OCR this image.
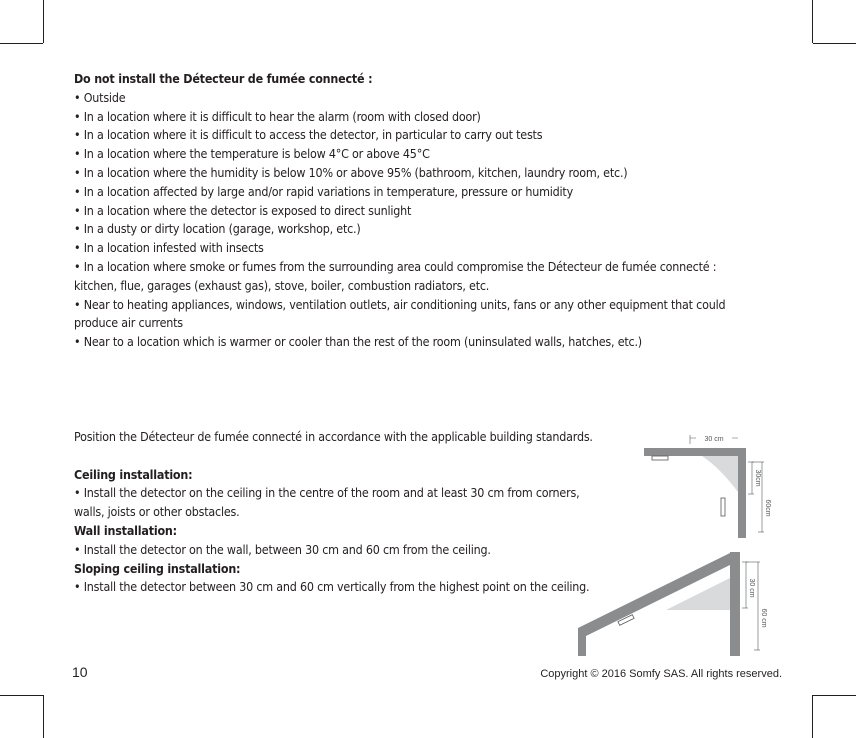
Do not install the Détecteur de fumée connecté :
• Outside
• In a location where it is difficult to hear the alarm (room with closed door)
• In a location where it is difficult to access the detector, in particular to carry out tests
• In a location where the temperature is below 4°C or above 45°C
• In a location where the humidity is below 10% or above 95% (bathroom, kitchen, laundry room, etc.)
• In a location affected by large and/or rapid variations in temperature, pressure or humidity
• In a location where the detector is exposed to direct sunlight
• In a dusty or dirty location (garage, workshop, etc.)
• In a location infested with insects
• In a location where smoke or fumes from the surrounding area could compromise the Détecteur de fumée connecté : kitchen, flue, garages (exhaust gas), stove, boiler, combustion radiators, etc.
• Near to heating appliances, windows, ventilation outlets, air conditioning units, fans or any other equipment that could produce air currents
• Near to a location which is warmer or cooler than the rest of the room (uninsulated walls, hatches, etc.)
Position the Détecteur de fumée connecté in accordance with the applicable building standards.
Ceiling installation:
• Install the detector on the ceiling in the centre of the room and at least 30 cm from corners,
walls, joists or other obstacles.
Wall installation:
• Install the detector on the wall, between 30 cm and 60 cm from the ceiling.
Sloping ceiling installation:
• Install the detector between 30 cm and 60 cm vertically from the highest point on the ceiling.
30 cm
30cm
60cm
30 cm
60 cm
10	Copyright © 2016 Somfy SAS. All rights reserved.
